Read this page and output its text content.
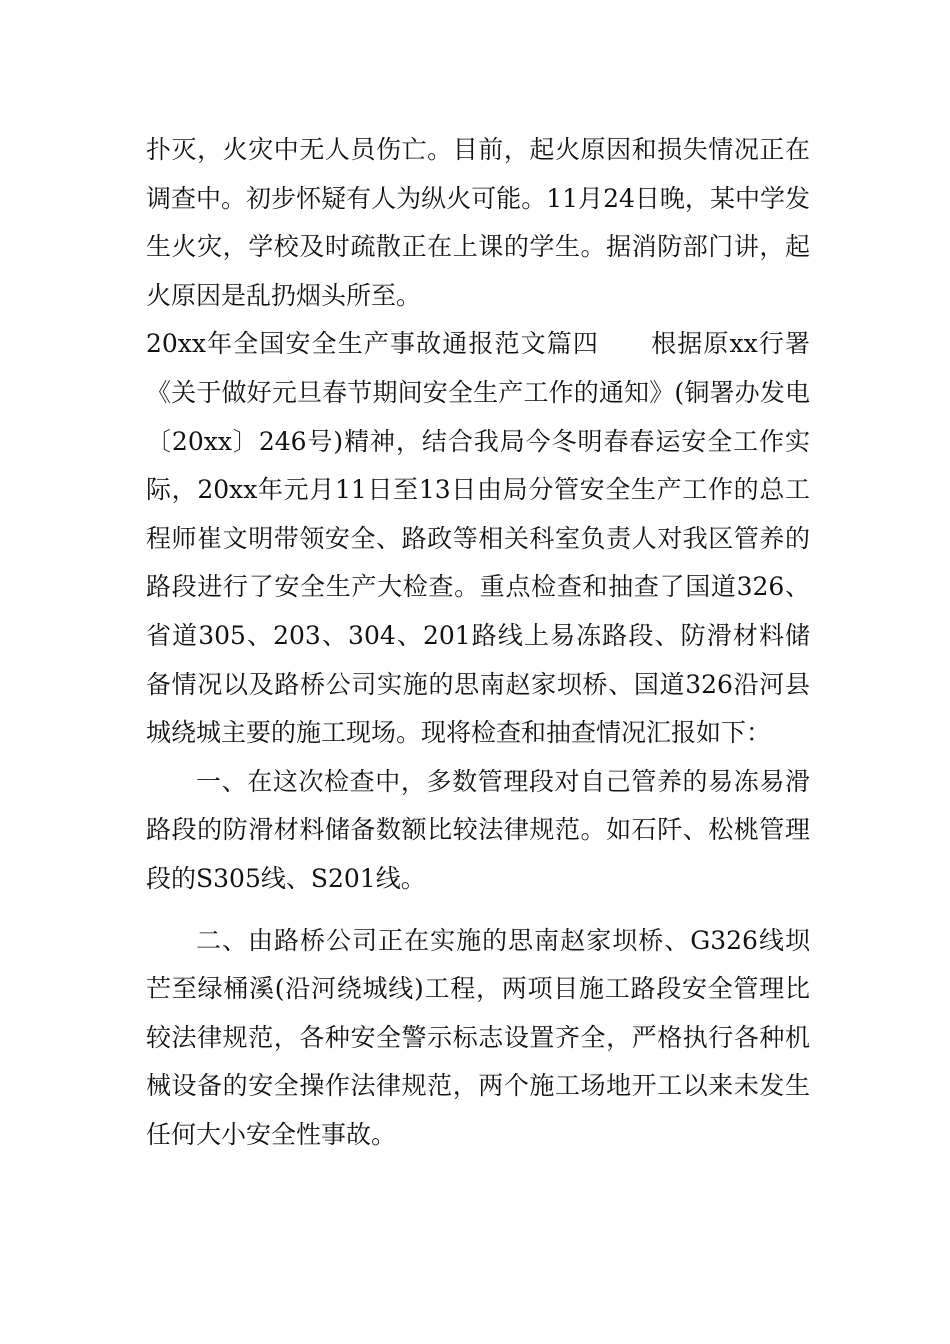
扑灭，火灾中无人员伤亡。目前，起火原因和损失情况正在调查中。初步怀疑有人为纵火可能。11月24日晚，某中学发生火灾，学校及时疏散正在上课的学生。据消防部门讲，起火原因是乱扔烟头所至。

20xx年全国安全生产事故通报范文篇四　　根据原xx行署《关于做好元旦春节期间安全生产工作的通知》(铜署办发电〔20xx〕246号)精神，结合我局今冬明春春运安全工作实际，20xx年元月11日至13日由局分管安全生产工作的总工程师崔文明带领安全、路政等相关科室负责人对我区管养的路段进行了安全生产大检查。重点检查和抽查了国道326、省道305、203、304、201路线上易冻路段、防滑材料储备情况以及路桥公司实施的思南赵家坝桥、国道326沿河县城绕城主要的施工现场。现将检查和抽查情况汇报如下：

一、在这次检查中，多数管理段对自己管养的易冻易滑路段的防滑材料储备数额比较法律规范。如石阡、松桃管理段的S305线、S201线。

二、由路桥公司正在实施的思南赵家坝桥、G326线坝芒至绿桶溪(沿河绕城线)工程，两项目施工路段安全管理比较法律规范，各种安全警示标志设置齐全，严格执行各种机械设备的安全操作法律规范，两个施工场地开工以来未发生任何大小安全性事故。
